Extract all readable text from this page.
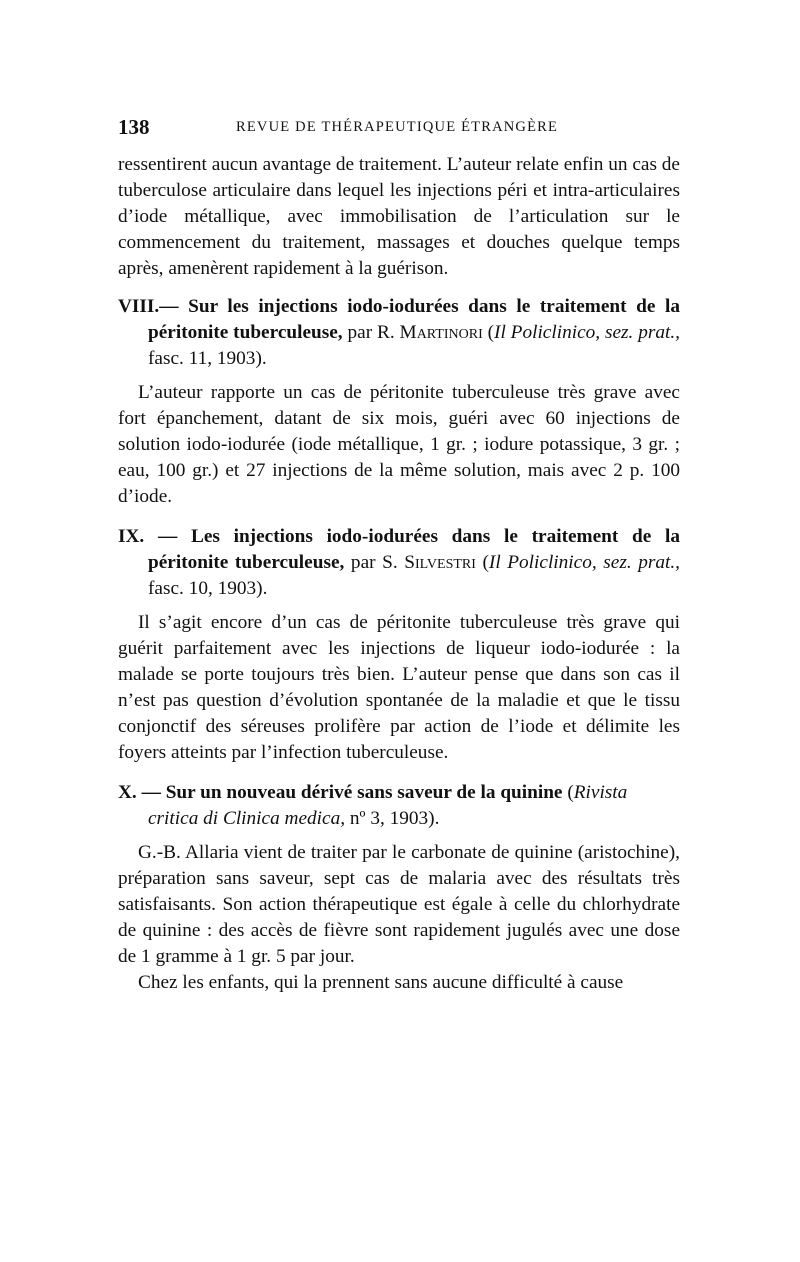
138	REVUE DE THÉRAPEUTIQUE ÉTRANGÈRE

ressentirent aucun avantage de traitement. L’auteur relate enfin un cas de tuberculose articulaire dans lequel les injections péri et intra-articulaires d’iode métallique, avec immobilisation de l’articulation sur le commencement du traitement, massages et douches quelque temps après, amenèrent rapidement à la guérison.

VIII.— Sur les injections iodo-iodurées dans le traitement de la péritonite tuberculeuse, par R. Martinori (Il Policlinico, sez. prat., fasc. 11, 1903).

L’auteur rapporte un cas de péritonite tuberculeuse très grave avec fort épanchement, datant de six mois, guéri avec 60 injections de solution iodo-iodurée (iode métallique, 1 gr. ; iodure potassique, 3 gr. ; eau, 100 gr.) et 27 injections de la même solution, mais avec 2 p. 100 d’iode.

IX. — Les injections iodo-iodurées dans le traitement de la péritonite tuberculeuse, par S. Silvestri (Il Policlinico, sez. prat., fasc. 10, 1903).

Il s’agit encore d’un cas de péritonite tuberculeuse très grave qui guérit parfaitement avec les injections de liqueur iodo-iodurée : la malade se porte toujours très bien. L’auteur pense que dans son cas il n’est pas question d’évolution spontanée de la maladie et que le tissu conjonctif des séreuses prolifère par action de l’iode et délimite les foyers atteints par l’infection tuberculeuse.

X. — Sur un nouveau dérivé sans saveur de la quinine (Rivista critica di Clinica medica, nº 3, 1903).

G.-B. Allaria vient de traiter par le carbonate de quinine (aristochine), préparation sans saveur, sept cas de malaria avec des résultats très satisfaisants. Son action thérapeutique est égale à celle du chlorhydrate de quinine : des accès de fièvre sont rapidement jugulés avec une dose de 1 gramme à 1 gr. 5 par jour.

Chez les enfants, qui la prennent sans aucune difficulté à cause
